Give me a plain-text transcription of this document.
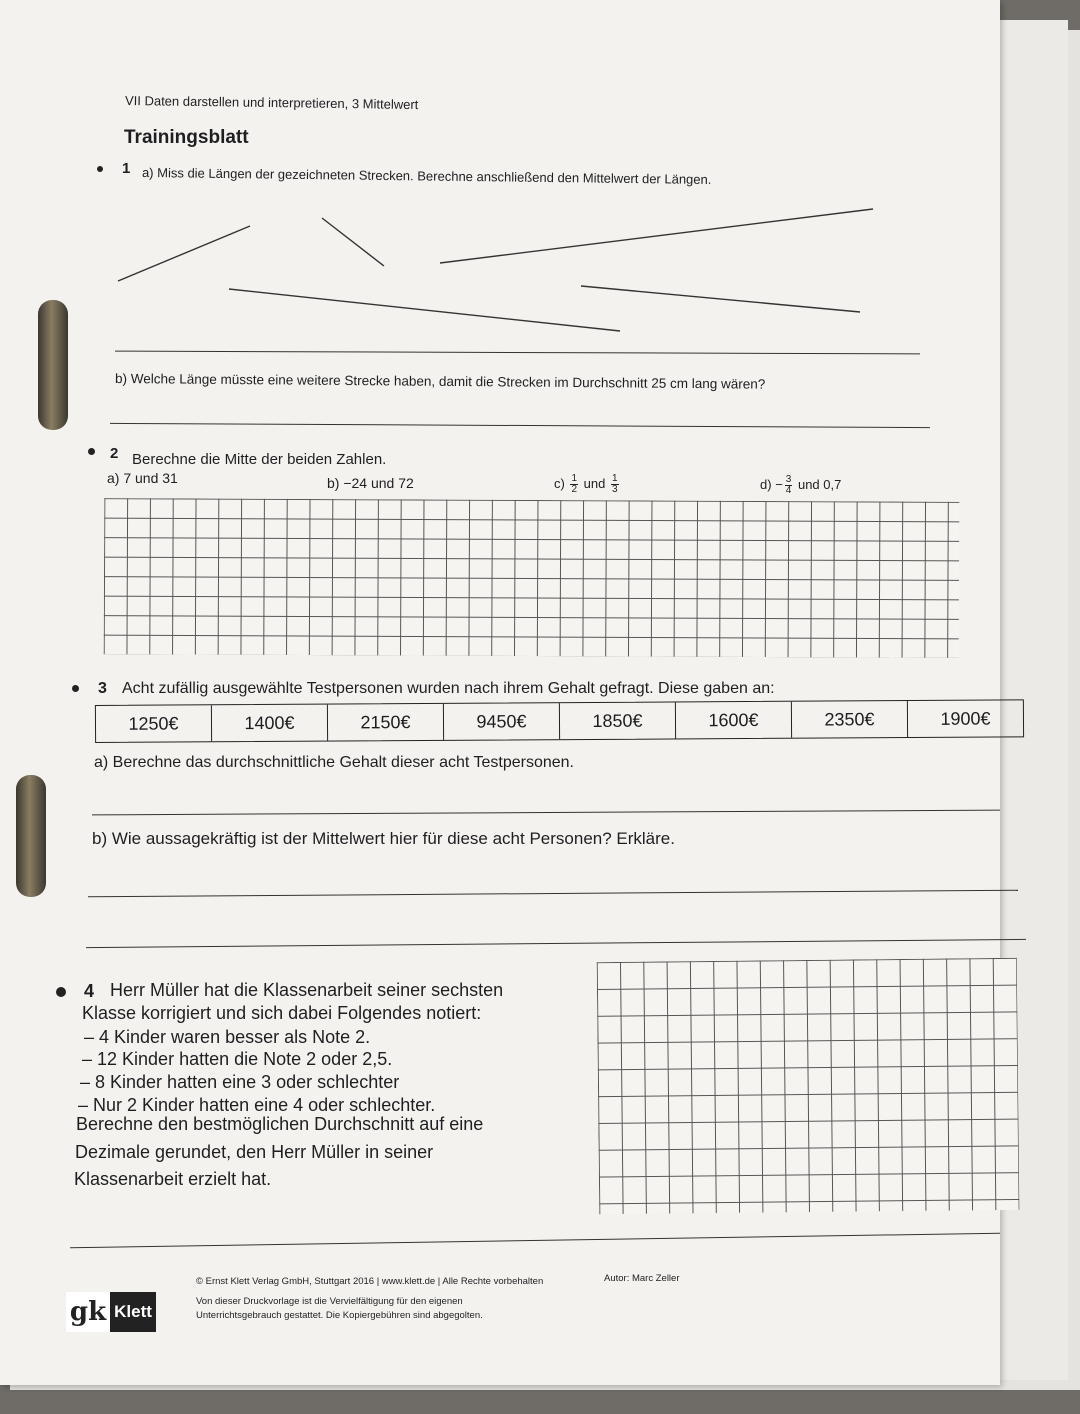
VII Daten darstellen und interpretieren, 3 Mittelwert
Trainingsblatt
1 a) Miss die Längen der gezeichneten Strecken. Berechne anschließend den Mittelwert der Längen.
b) Welche Länge müsste eine weitere Strecke haben, damit die Strecken im Durchschnitt 25 cm lang wären?
2 Berechne die Mitte der beiden Zahlen.
a) 7 und 31	b) −24 und 72	$c) \frac{1}{2}$ und $\frac{1}{3}$	$d) - \frac{3}{4}$ und 0,7
3 Acht zufällig ausgewählte Testpersonen wurden nach ihrem Gehalt gefragt. Diese gaben an:
1250€	1400€	2150€	9450€	1850€	1600€	2350€	1900€
a) Berechne das durchschnittliche Gehalt dieser acht Testpersonen.
b) Wie aussagekräftig ist der Mittelwert hier für diese acht Personen? Erkläre.
4 Herr Müller hat die Klassenarbeit seiner sechsten
Klasse korrigiert und sich dabei Folgendes notiert:
– 4 Kinder waren besser als Note 2.
– 12 Kinder hatten die Note 2 oder 2,5.
– 8 Kinder hatten eine 3 oder schlechter
– Nur 2 Kinder hatten eine 4 oder schlechter.
Berechne den bestmöglichen Durchschnitt auf eine
Dezimale gerundet, den Herr Müller in seiner
Klassenarbeit erzielt hat.
gk Klett
© Ernst Klett Verlag GmbH, Stuttgart 2016 | www.klett.de | Alle Rechte vorbehalten	Autor: Marc Zeller
Von dieser Druckvorlage ist die Vervielfältigung für den eigenen
Unterrichtsgebrauch gestattet. Die Kopiergebühren sind abgegolten.
